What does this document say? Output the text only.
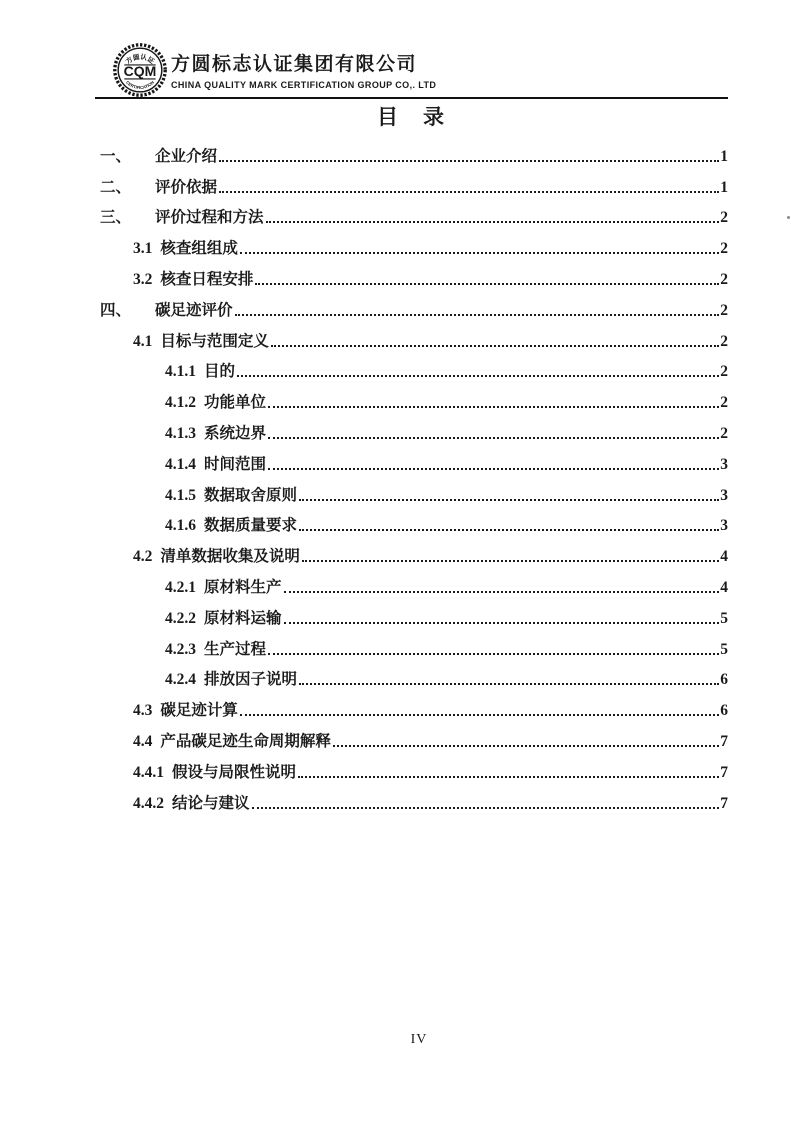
方圆认证
CQM
CERTIFICATION
方圆标志认证集团有限公司
CHINA QUALITY MARK CERTIFICATION GROUP CO,. LTD
目　录
一、	企业介绍	1
二、	评价依据	1
三、	评价过程和方法	2
3.1 核查组组成	2
3.2 核查日程安排	2
四、	碳足迹评价	2
4.1 目标与范围定义	2
4.1.1 目的	2
4.1.2 功能单位	2
4.1.3 系统边界	2
4.1.4 时间范围	3
4.1.5 数据取舍原则	3
4.1.6 数据质量要求	3
4.2 清单数据收集及说明	4
4.2.1 原材料生产	4
4.2.2 原材料运输	5
4.2.3 生产过程	5
4.2.4 排放因子说明	6
4.3 碳足迹计算	6
4.4 产品碳足迹生命周期解释	7
4.4.1 假设与局限性说明	7
4.4.2 结论与建议	7
IV
